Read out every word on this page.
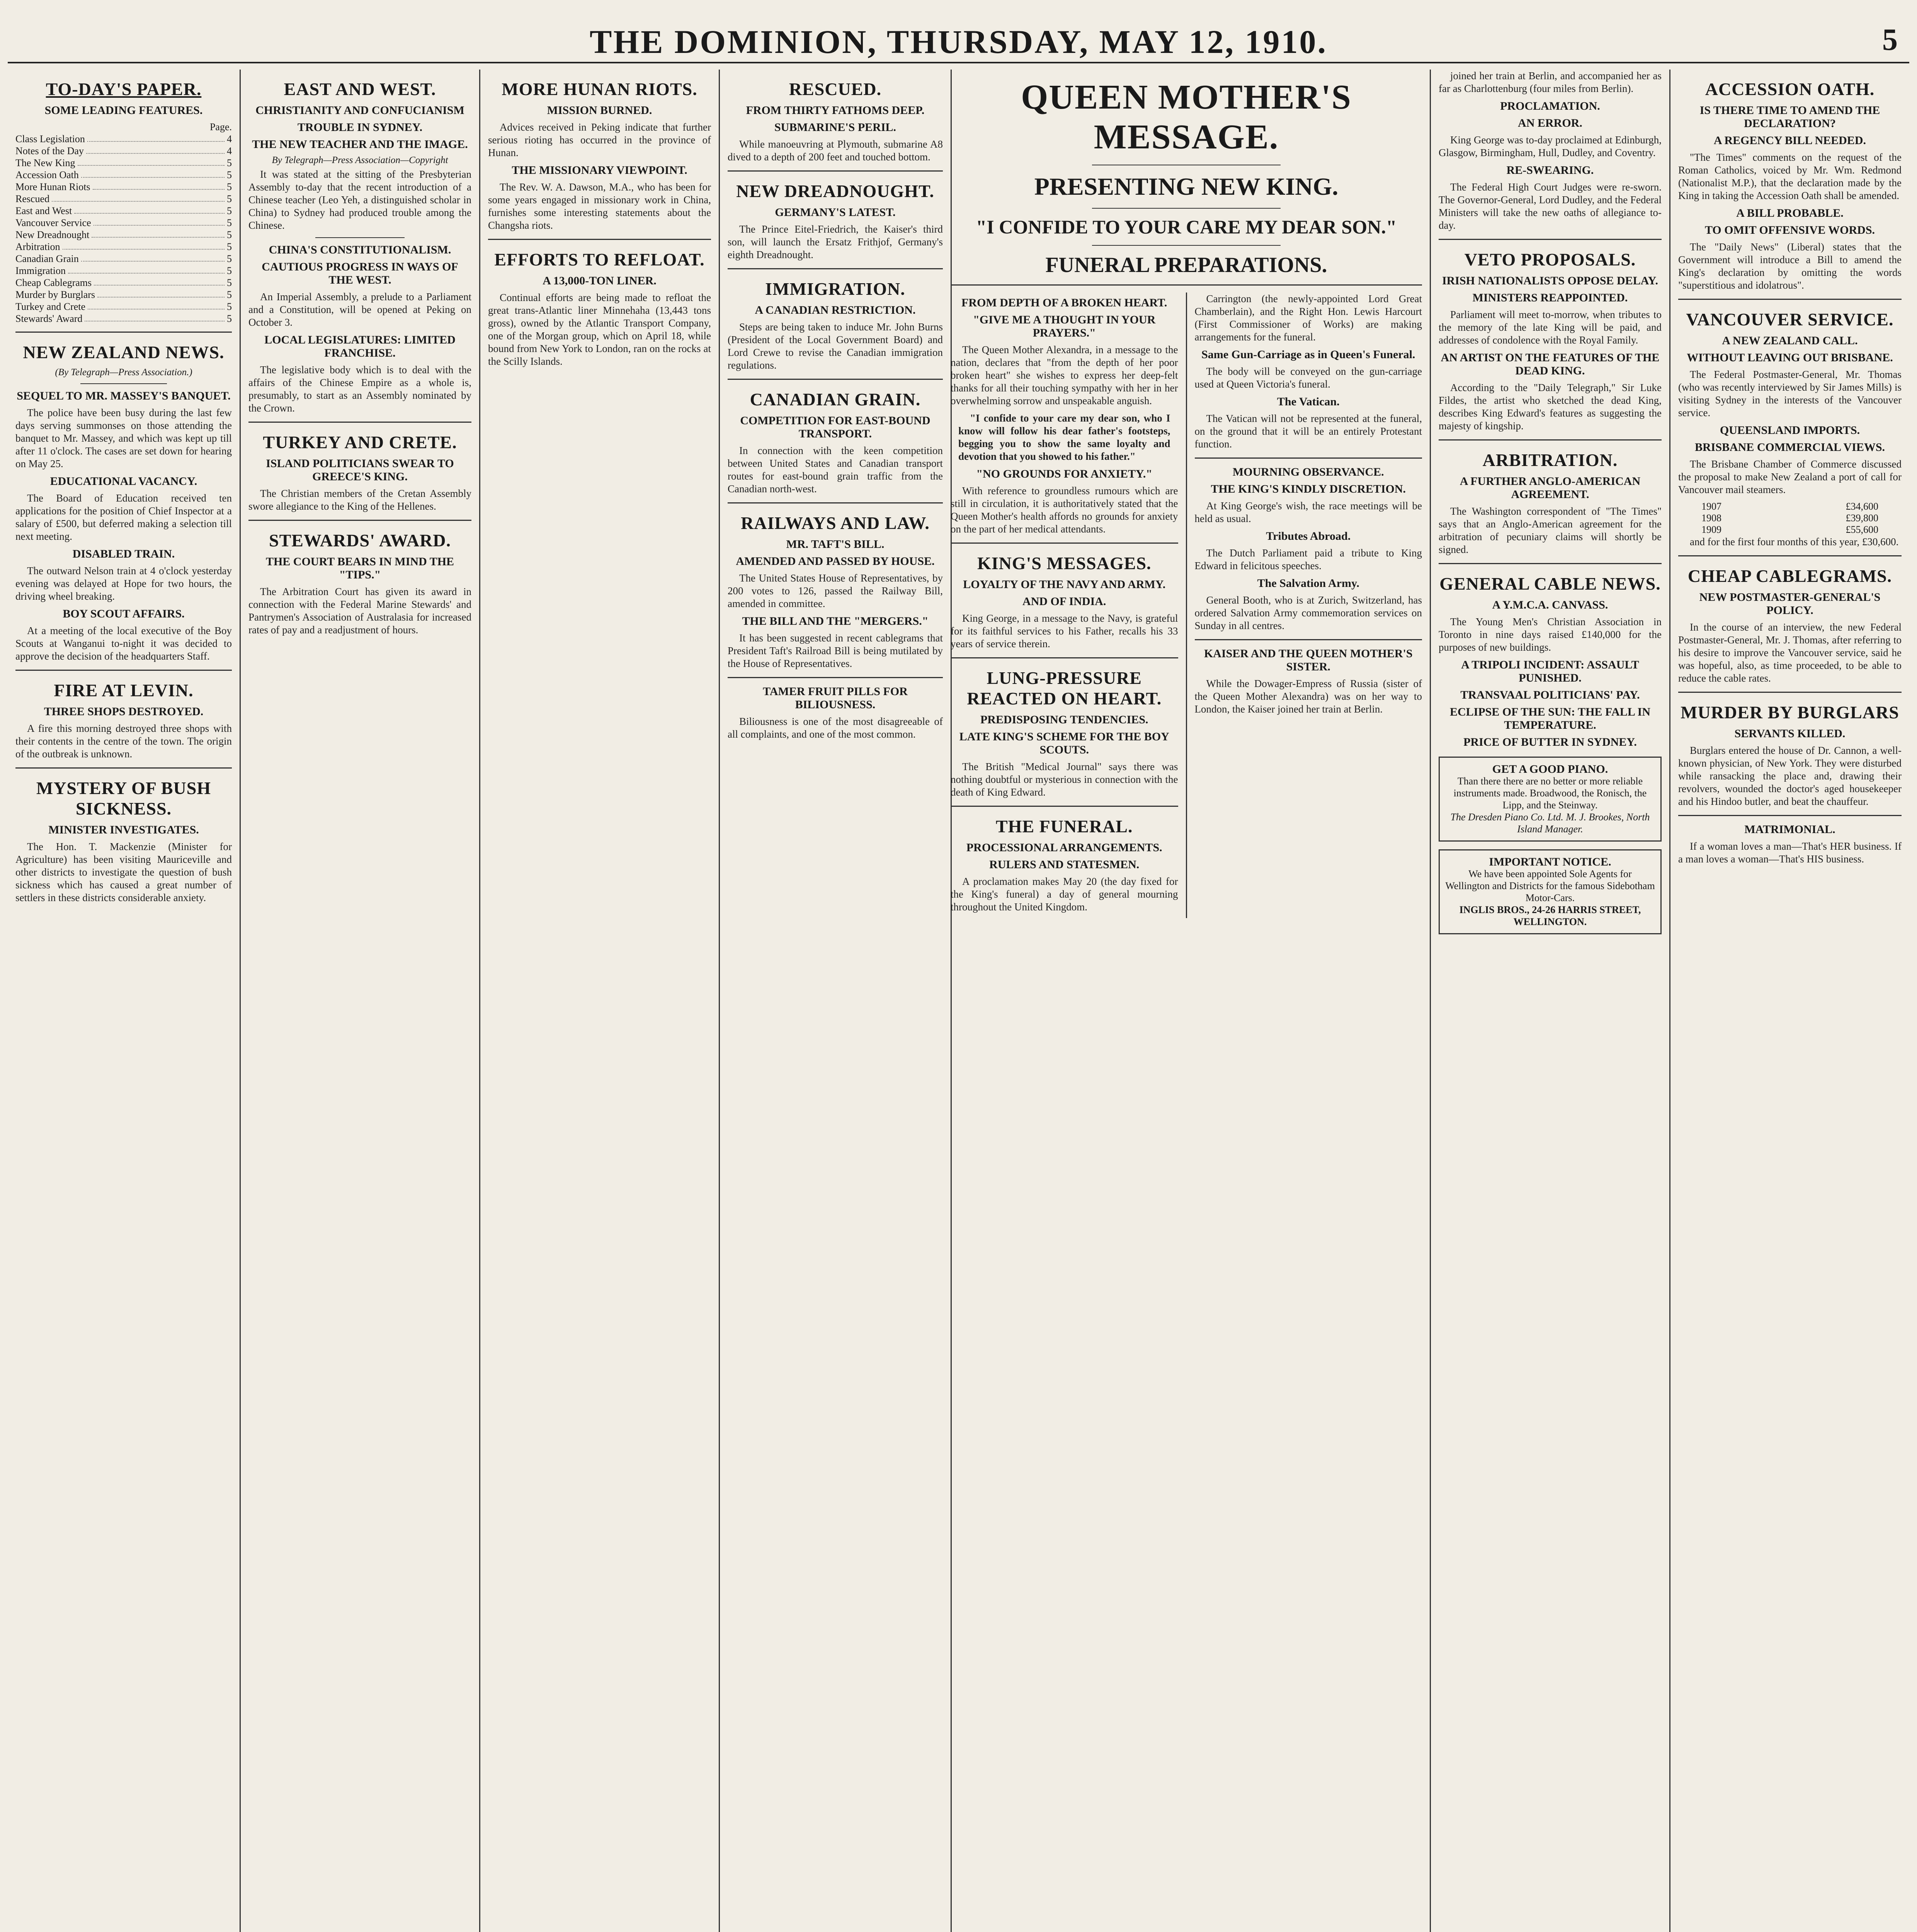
THE DOMINION, THURSDAY, MAY 12, 1910.	5
TO-DAY'S PAPER.
SOME LEADING FEATURES.
Page.
Class Legislation	4
Notes of the Day	4
The New King	5
Accession Oath	5
More Hunan Riots	5
Rescued	5
East and West	5
Vancouver Service	5
New Dreadnought	5
Arbitration	5
Canadian Grain	5
Immigration	5
Cheap Cablegrams	5
Murder by Burglars	5
Turkey and Crete	5
Stewards' Award	5
NEW ZEALAND NEWS.
(By Telegraph—Press Association.)
SEQUEL TO MR. MASSEY'S BANQUET.

The police have been busy during the last few days serving summonses on those attending the banquet to Mr. Massey, and which was kept up till after 11 o'clock. The cases are set down for hearing on May 25.

EDUCATIONAL VACANCY.

The Board of Education received ten applications for the position of Chief Inspector at a salary of £500, but deferred making a selection till next meeting.

DISABLED TRAIN.

The outward Nelson train at 4 o'clock yesterday evening was delayed at Hope for two hours, the driving wheel breaking.

BOY SCOUT AFFAIRS.

At a meeting of the local executive of the Boy Scouts at Wanganui to-night it was decided to approve the decision of the headquarters Staff.

FIRE AT LEVIN.
THREE SHOPS DESTROYED.

A fire this morning destroyed three shops with their contents in the centre of the town. The origin of the outbreak is unknown.

MYSTERY OF BUSH SICKNESS.
MINISTER INVESTIGATES.

The Hon. T. Mackenzie (Minister for Agriculture) has been visiting Mauriceville and other districts to investigate the question of bush sickness which has caused a great number of settlers in these districts considerable anxiety.

EAST AND WEST.
CHRISTIANITY AND CONFUCIANISM
TROUBLE IN SYDNEY.
THE NEW TEACHER AND THE IMAGE.
By Telegraph—Press Association—Copyright

It was stated at the sitting of the Presbyterian Assembly to-day that the recent introduction of a Chinese teacher (Leo Yeh, a distinguished scholar in China) to Sydney had produced trouble among the Chinese.

CHINA'S CONSTITUTIONALISM.
CAUTIOUS PROGRESS IN WAYS OF THE WEST.

An Imperial Assembly, a prelude to a Parliament and a Constitution, will be opened at Peking on October 3.

LOCAL LEGISLATURES: LIMITED FRANCHISE.

The legislative body which is to deal with the affairs of the Chinese Empire as a whole is, presumably, to start as an Assembly nominated by the Crown.

TURKEY AND CRETE.
ISLAND POLITICIANS SWEAR TO GREECE'S KING.

The Christian members of the Cretan Assembly swore allegiance to the King of the Hellenes.

STEWARDS' AWARD.
THE COURT BEARS IN MIND THE "TIPS."

The Arbitration Court has given its award in connection with the Federal Marine Stewards' and Pantrymen's Association of Australasia for increased rates of pay and a readjustment of hours.

MORE HUNAN RIOTS.
MISSION BURNED.

Advices received in Peking indicate that further serious rioting has occurred in the province of Hunan.

THE MISSIONARY VIEWPOINT.

The Rev. W. A. Dawson, M.A., who has been for some years engaged in missionary work in China, furnishes some interesting statements about the Changsha riots.

EFFORTS TO REFLOAT.
A 13,000-TON LINER.

Continual efforts are being made to refloat the great trans-Atlantic liner Minnehaha (13,443 tons gross), owned by the Atlantic Transport Company, one of the Morgan group, which on April 18, while bound from New York to London, ran on the rocks at the Scilly Islands.

RESCUED.
FROM THIRTY FATHOMS DEEP.
SUBMARINE'S PERIL.

While manoeuvring at Plymouth, submarine A8 dived to a depth of 200 feet and touched bottom.

NEW DREADNOUGHT.
GERMANY'S LATEST.

The Prince Eitel-Friedrich, the Kaiser's third son, will launch the Ersatz Frithjof, Germany's eighth Dreadnought.

IMMIGRATION.
A CANADIAN RESTRICTION.

Steps are being taken to induce Mr. John Burns (President of the Local Government Board) and Lord Crewe to revise the Canadian immigration regulations.

CANADIAN GRAIN.
COMPETITION FOR EAST-BOUND TRANSPORT.

In connection with the keen competition between United States and Canadian transport routes for east-bound grain traffic from the Canadian north-west.

RAILWAYS AND LAW.
MR. TAFT'S BILL.
AMENDED AND PASSED BY HOUSE.

The United States House of Representatives, by 200 votes to 126, passed the Railway Bill, amended in committee.

THE BILL AND THE "MERGERS."

It has been suggested in recent cablegrams that President Taft's Railroad Bill is being mutilated by the House of Representatives.

TAMER FRUIT PILLS FOR BILIOUSNESS.

Biliousness is one of the most disagreeable of all complaints, and one of the most common.

QUEEN MOTHER'S MESSAGE.
PRESENTING NEW KING.
"I CONFIDE TO YOUR CARE MY DEAR SON."
FUNERAL PREPARATIONS.
FROM DEPTH OF A BROKEN HEART.
"GIVE ME A THOUGHT IN YOUR PRAYERS."

The Queen Mother Alexandra, in a message to the nation, declares that "from the depth of her poor broken heart" she wishes to express her deep-felt thanks for all their touching sympathy with her in her overwhelming sorrow and unspeakable anguish.

"I confide to your care my dear son, who I know will follow his dear father's footsteps, begging you to show the same loyalty and devotion that you showed to his father."

"NO GROUNDS FOR ANXIETY."

With reference to groundless rumours which are still in circulation, it is authoritatively stated that the Queen Mother's health affords no grounds for anxiety on the part of her medical attendants.

KING'S MESSAGES.
LOYALTY OF THE NAVY AND ARMY.
AND OF INDIA.

King George, in a message to the Navy, is grateful for its faithful services to his Father, recalls his 33 years of service therein.

LUNG-PRESSURE REACTED ON HEART.
PREDISPOSING TENDENCIES.
LATE KING'S SCHEME FOR THE BOY SCOUTS.

The British "Medical Journal" says there was nothing doubtful or mysterious in connection with the death of King Edward.

THE FUNERAL.
PROCESSIONAL ARRANGEMENTS.
RULERS AND STATESMEN.

A proclamation makes May 20 (the day fixed for the King's funeral) a day of general mourning throughout the United Kingdom.

Carrington (the newly-appointed Lord Great Chamberlain), and the Right Hon. Lewis Harcourt (First Commissioner of Works) are making arrangements for the funeral.

Same Gun-Carriage as in Queen's Funeral.

The body will be conveyed on the gun-carriage used at Queen Victoria's funeral.

The Vatican.

The Vatican will not be represented at the funeral, on the ground that it will be an entirely Protestant function.

MOURNING OBSERVANCE.
THE KING'S KINDLY DISCRETION.

At King George's wish, the race meetings will be held as usual.

Tributes Abroad.

The Dutch Parliament paid a tribute to King Edward in felicitous speeches.

The Salvation Army.

General Booth, who is at Zurich, Switzerland, has ordered Salvation Army commemoration services on Sunday in all centres.

KAISER AND THE QUEEN MOTHER'S SISTER.

While the Dowager-Empress of Russia (sister of the Queen Mother Alexandra) was on her way to London, the Kaiser joined her train at Berlin.

joined her train at Berlin, and accompanied her as far as Charlottenburg (four miles from Berlin).

PROCLAMATION.
AN ERROR.

King George was to-day proclaimed at Edinburgh, Glasgow, Birmingham, Hull, Dudley, and Coventry.

RE-SWEARING.

The Federal High Court Judges were re-sworn. The Governor-General, Lord Dudley, and the Federal Ministers will take the new oaths of allegiance to-day.

VETO PROPOSALS.
IRISH NATIONALISTS OPPOSE DELAY.
MINISTERS REAPPOINTED.

Parliament will meet to-morrow, when tributes to the memory of the late King will be paid, and addresses of condolence with the Royal Family.

AN ARTIST ON THE FEATURES OF THE DEAD KING.

According to the "Daily Telegraph," Sir Luke Fildes, the artist who sketched the dead King, describes King Edward's features as suggesting the majesty of kingship.

ARBITRATION.
A FURTHER ANGLO-AMERICAN AGREEMENT.

The Washington correspondent of "The Times" says that an Anglo-American agreement for the arbitration of pecuniary claims will shortly be signed.

GENERAL CABLE NEWS.
A Y.M.C.A. CANVASS.

The Young Men's Christian Association in Toronto in nine days raised £140,000 for the purposes of new buildings.

A TRIPOLI INCIDENT: ASSAULT PUNISHED.
TRANSVAAL POLITICIANS' PAY.
ECLIPSE OF THE SUN: THE FALL IN TEMPERATURE.
PRICE OF BUTTER IN SYDNEY.
GET A GOOD PIANO.
Than there there are no better or more reliable instruments made. Broadwood, the Ronisch, the Lipp, and the Steinway.
The Dresden Piano Co. Ltd. M. J. Brookes, North Island Manager.
IMPORTANT NOTICE.
We have been appointed Sole Agents for Wellington and Districts for the famous Sidebotham Motor-Cars.
INGLIS BROS., 24-26 HARRIS STREET, WELLINGTON.
ACCESSION OATH.
IS THERE TIME TO AMEND THE DECLARATION?
A REGENCY BILL NEEDED.

"The Times" comments on the request of the Roman Catholics, voiced by Mr. Wm. Redmond (Nationalist M.P.), that the declaration made by the King in taking the Accession Oath shall be amended.

A BILL PROBABLE.
TO OMIT OFFENSIVE WORDS.

The "Daily News" (Liberal) states that the Government will introduce a Bill to amend the King's declaration by omitting the words "superstitious and idolatrous".

VANCOUVER SERVICE.
A NEW ZEALAND CALL.
WITHOUT LEAVING OUT BRISBANE.

The Federal Postmaster-General, Mr. Thomas (who was recently interviewed by Sir James Mills) is visiting Sydney in the interests of the Vancouver service.

QUEENSLAND IMPORTS.
BRISBANE COMMERCIAL VIEWS.

The Brisbane Chamber of Commerce discussed the proposal to make New Zealand a port of call for Vancouver mail steamers.

1907	£34,600
1908	£39,800
1909	£55,600

and for the first four months of this year, £30,600.

CHEAP CABLEGRAMS.
NEW POSTMASTER-GENERAL'S POLICY.

In the course of an interview, the new Federal Postmaster-General, Mr. J. Thomas, after referring to his desire to improve the Vancouver service, said he was hopeful, also, as time proceeded, to be able to reduce the cable rates.

MURDER BY BURGLARS
SERVANTS KILLED.

Burglars entered the house of Dr. Cannon, a well-known physician, of New York. They were disturbed while ransacking the place and, drawing their revolvers, wounded the doctor's aged housekeeper and his Hindoo butler, and beat the chauffeur.

MATRIMONIAL.

If a woman loves a man—That's HER business. If a man loves a woman—That's HIS business.
